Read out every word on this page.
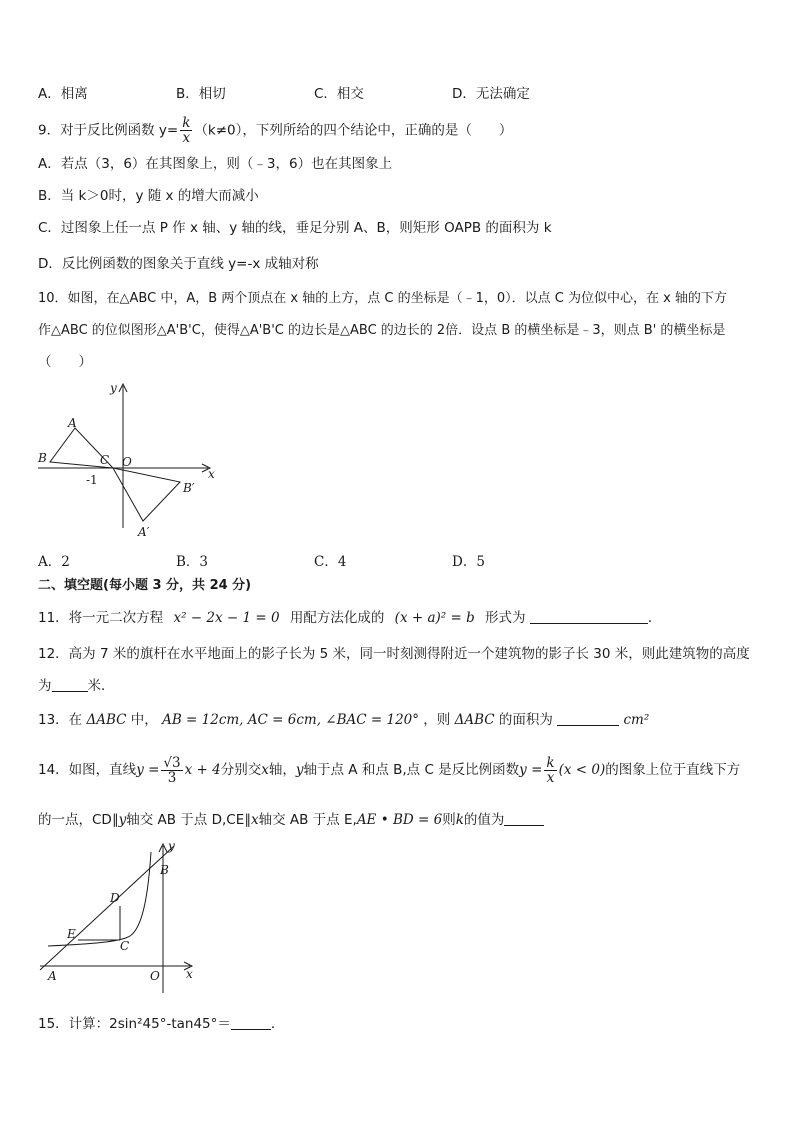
A．相离	B．相切	C．相交	D．无法确定
9．对于反比例函数 $y= \frac{k}{x} (k\ne 0)$，下列所给的四个结论中，正确的是（　　）
A．若点（3，6）在其图象上，则（﹣3，6）也在其图象上
B．当 k＞0时，y 随 x 的增大而减小
C．过图象上任一点 P 作 x 轴、y 轴的线，垂足分别 A、B，则矩形 OAPB 的面积为 k
D．反比例函数的图象关于直线 y=-x 成轴对称
10．如图，在△ABC 中，A，B 两个顶点在 x 轴的上方，点 C 的坐标是（﹣1，0）．以点 C 为位似中心，在 x 轴的下方
作△ABC 的位似图形△A'B'C，使得△A'B'C 的边长是△ABC 的边长的 2倍．设点 B 的横坐标是﹣3，则点 B' 的横坐标是
（　　）
y
x
A
B	C O
-1
B′
A′
A．2	B．3	C．4	D．5
二、填空题(每小题 3 分，共 24 分)
11．将一元二次方程 x² − 2x − 1 = 0 用配方法化成的 (x + a)² = b 形式为	．
12．高为 7 米的旗杆在水平地面上的影子长为 5 米，同一时刻测得附近一个建筑物的影子长 30 米，则此建筑物的高度
为	米．
13．在 ΔABC 中， AB = 12cm, AC = 6cm, ∠BAC = 120° ，则 ΔABC 的面积为	cm²
14．如图，直线$y = \frac{√3}{3}$ x + 4分别交x轴，y轴于点 A 和点 B,点 C 是反比例函数$y = \frac{k}{x} (x < 0)$的图象上位于直线下方
的一点，CD∥y轴交 AB 于点 D,CE∥x轴交 AB 于点 E,AE • BD = 6则k的值为
y
B
D
E
C
A	O x
15．计算：2sin²45°-tan45°＝	．
